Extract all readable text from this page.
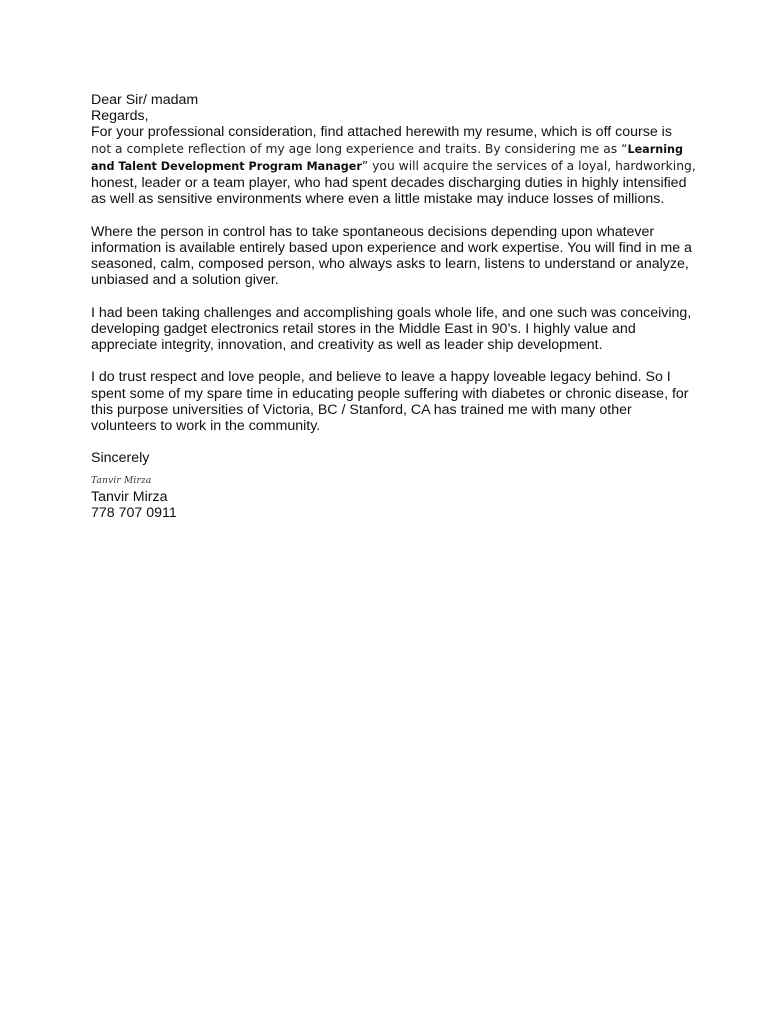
Dear Sir/ madam
Regards,
For your professional consideration, find attached herewith my resume, which is off course is
not a complete reflection of my age long experience and traits. By considering me as “Learning
and Talent Development Program Manager” you will acquire the services of a loyal, hardworking,
honest, leader or a team player, who had spent decades discharging duties in highly intensified
as well as sensitive environments where even a little mistake may induce losses of millions.
Where the person in control has to take spontaneous decisions depending upon whatever
information is available entirely based upon experience and work expertise. You will find in me a
seasoned, calm, composed person, who always asks to learn, listens to understand or analyze,
unbiased and a solution giver.
I had been taking challenges and accomplishing goals whole life, and one such was conceiving,
developing gadget electronics retail stores in the Middle East in 90’s. I highly value and
appreciate integrity, innovation, and creativity as well as leader ship development.
I do trust respect and love people, and believe to leave a happy loveable legacy behind. So I
spent some of my spare time in educating people suffering with diabetes or chronic disease, for
this purpose universities of Victoria, BC / Stanford, CA has trained me with many other
volunteers to work in the community.
Sincerely
Tanvir Mirza
Tanvir Mirza
778 707 0911
